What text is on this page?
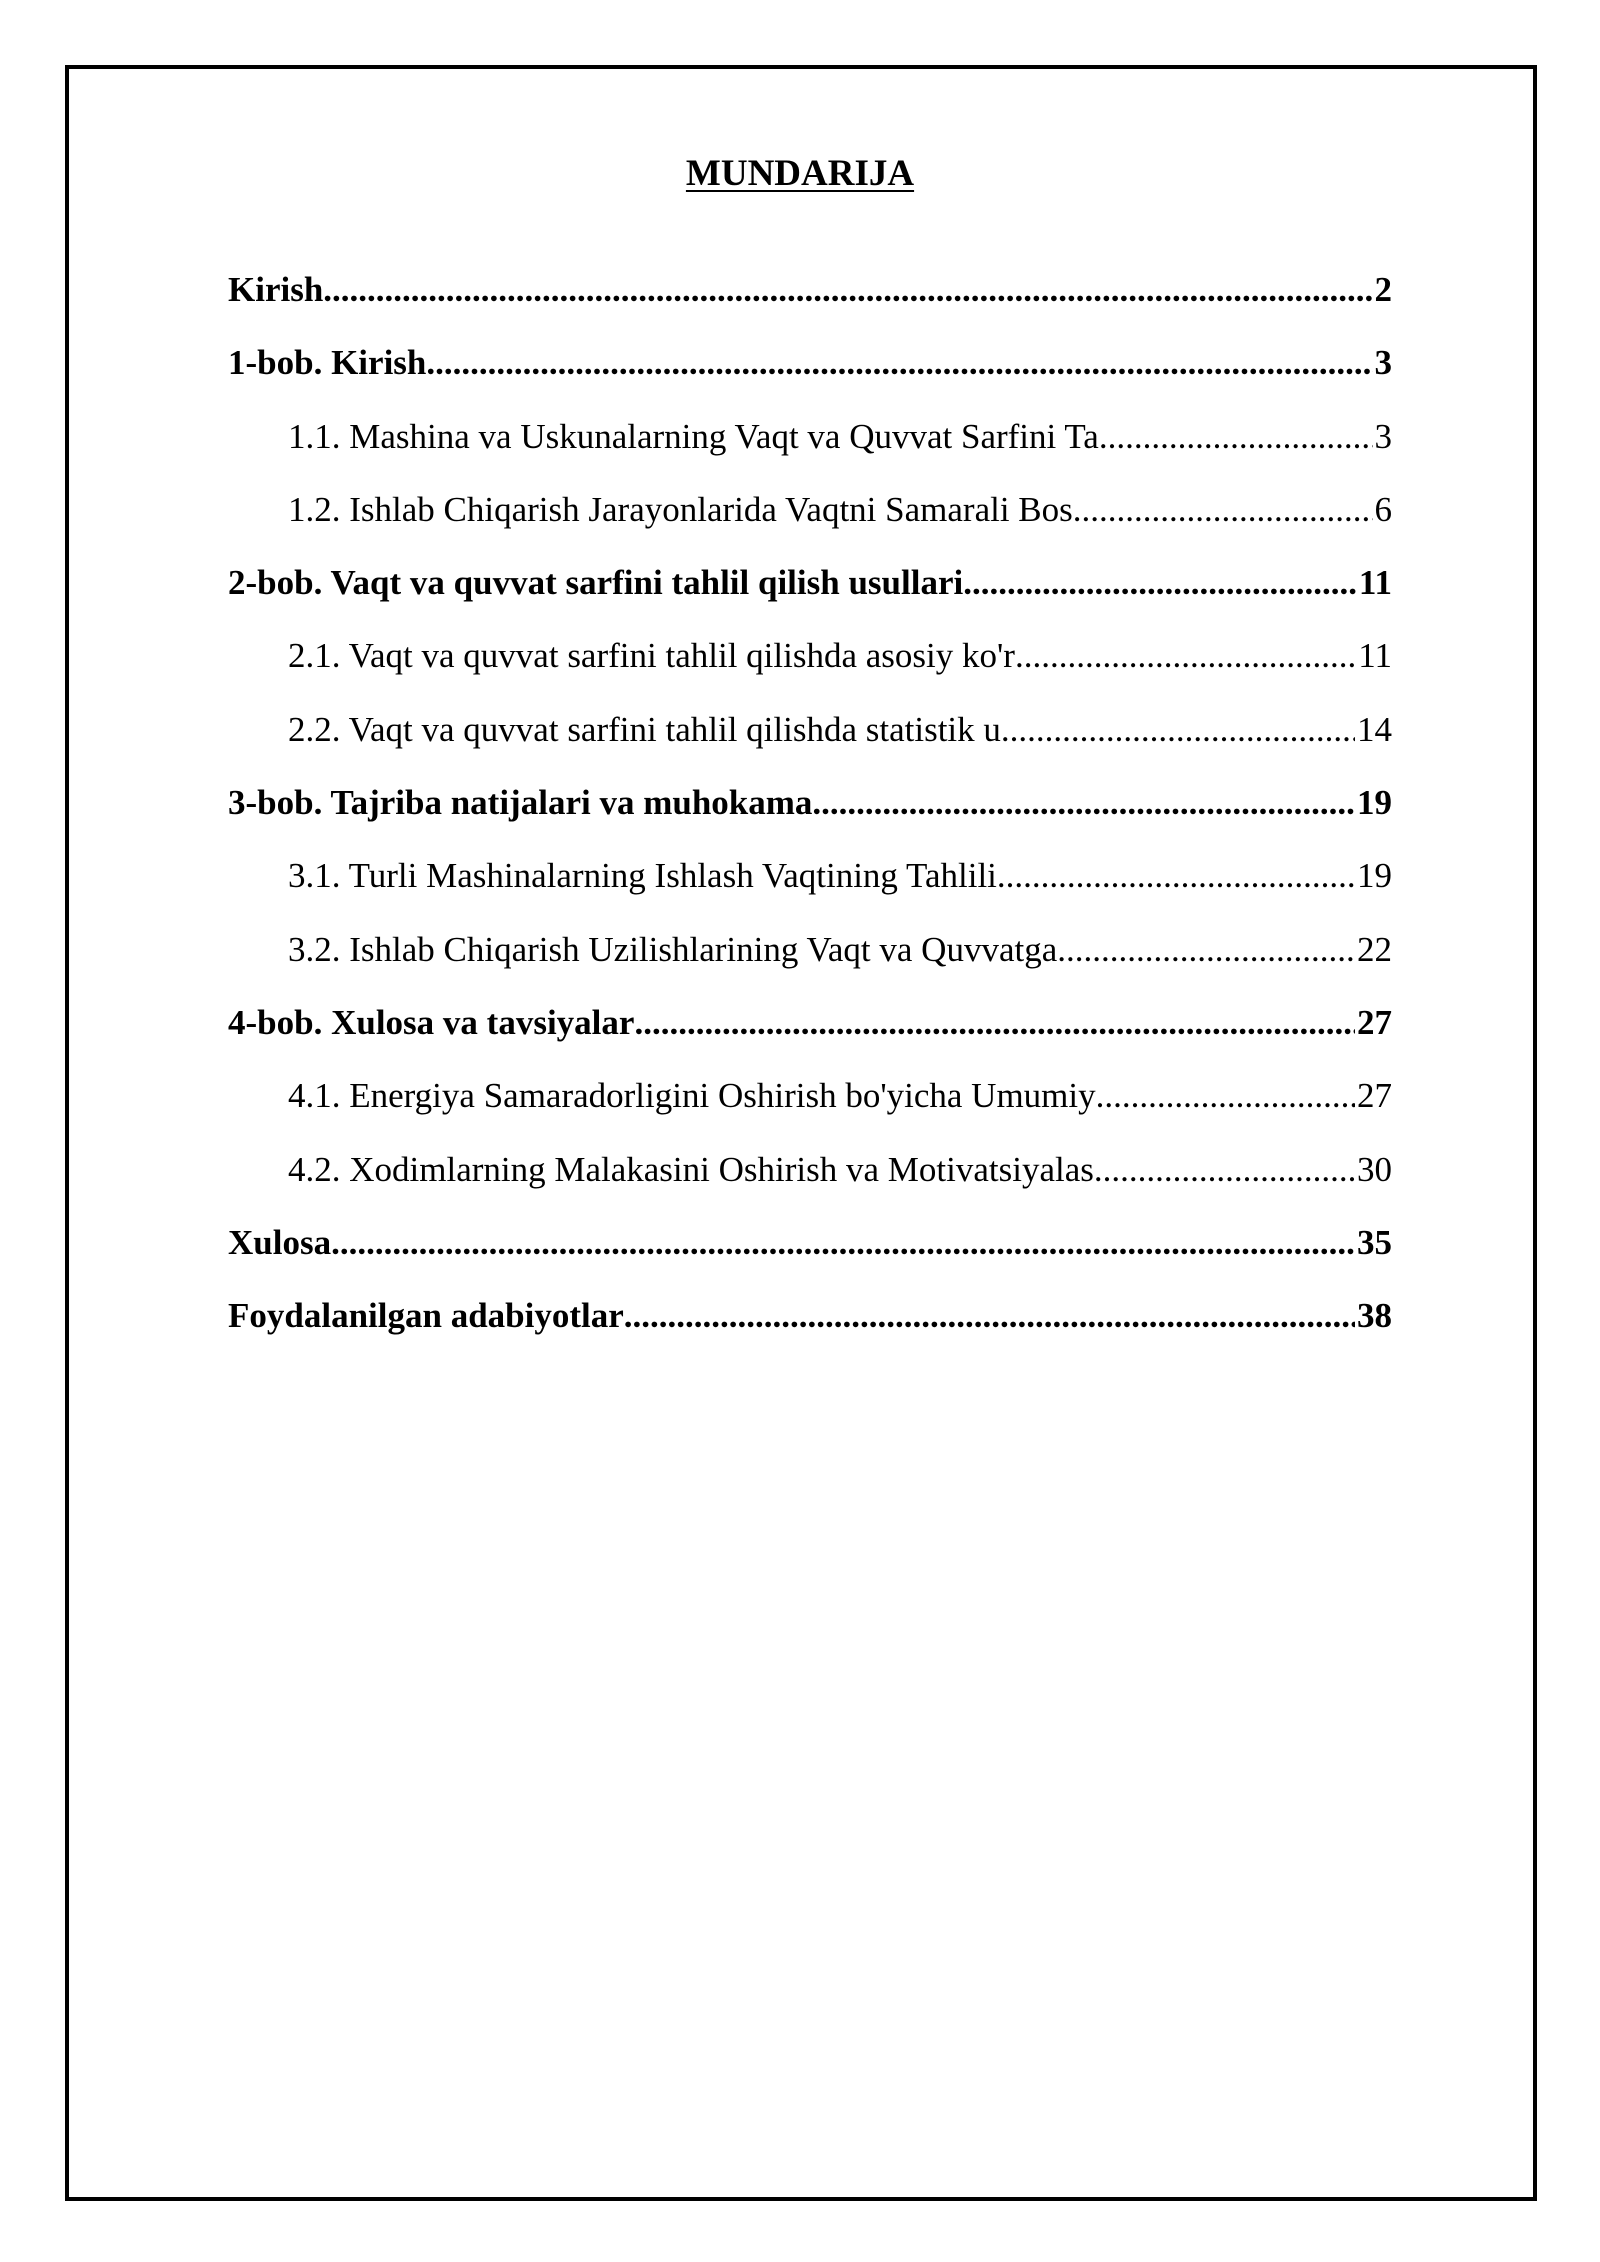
MUNDARIJA
Kirish .....	2
1-bob. Kirish .....	3
1.1. Mashina va Uskunalarning Vaqt va Quvvat Sarfini Ta .....	3
1.2. Ishlab Chiqarish Jarayonlarida Vaqtni Samarali Bos .....	6
2-bob. Vaqt va quvvat sarfini tahlil qilish usullari .....	11
2.1. Vaqt va quvvat sarfini tahlil qilishda asosiy ko'r .....	11
2.2. Vaqt va quvvat sarfini tahlil qilishda statistik u .....	14
3-bob. Tajriba natijalari va muhokama .....	19
3.1. Turli Mashinalarning Ishlash Vaqtining Tahlili .....	19
3.2. Ishlab Chiqarish Uzilishlarining Vaqt va Quvvatga .....	22
4-bob. Xulosa va tavsiyalar .....	27
4.1. Energiya Samaradorligini Oshirish bo'yicha Umumiy .....	27
4.2. Xodimlarning Malakasini Oshirish va Motivatsiyalas .....	30
Xulosa .....	35
Foydalanilgan adabiyotlar .....	38
